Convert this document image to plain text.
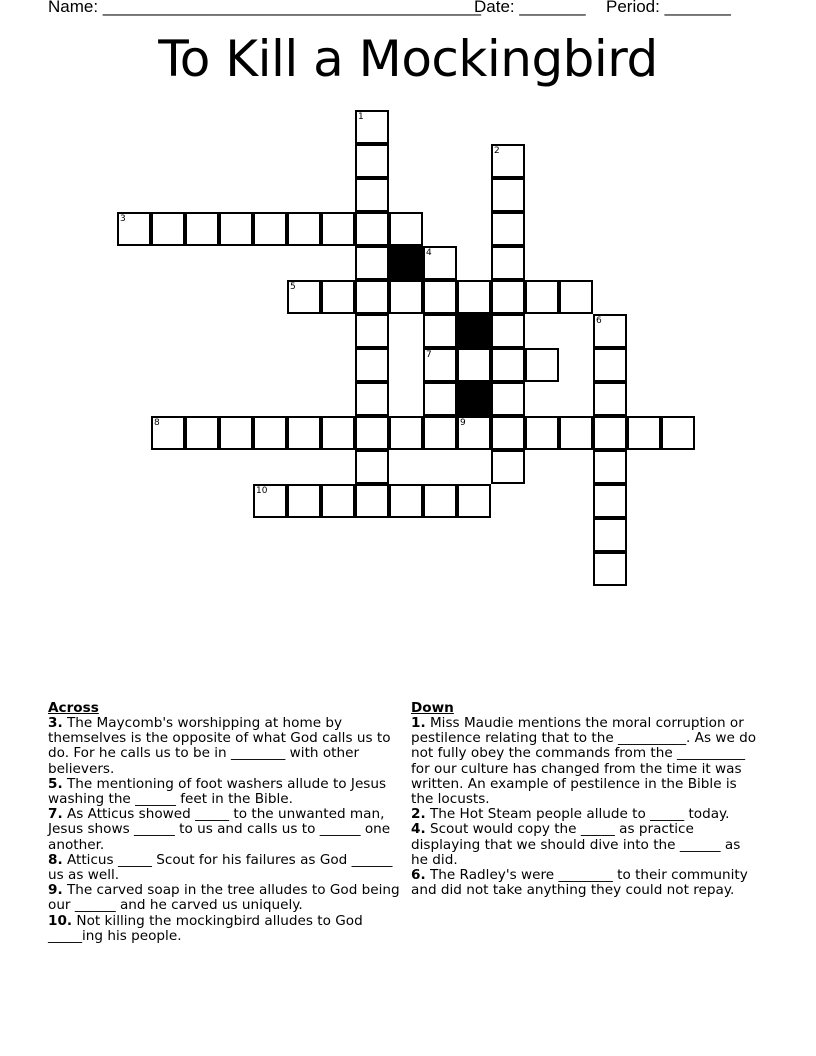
Name: ________________________________________
Date: _______ Period: _______
To Kill a Mockingbird
1
2
3
4
7
5
6
8	9
10
Across
3. The Maycomb's worshipping at home by themselves is the opposite of what God calls us to do. For he calls us to be in ________ with other believers.
5. The mentioning of foot washers allude to Jesus washing the ______ feet in the Bible.
7. As Atticus showed _____ to the unwanted man, Jesus shows ______ to us and calls us to ______ one another.
8. Atticus _____ Scout for his failures as God ______ us as well.
9. The carved soap in the tree alludes to God being our ______ and he carved us uniquely.
10. Not killing the mockingbird alludes to God _____ing his people.
Down
1. Miss Maudie mentions the moral corruption or pestilence relating that to the __________. As we do not fully obey the commands from the __________ for our culture has changed from the time it was written. An example of pestilence in the Bible is the locusts.
2. The Hot Steam people allude to _____ today.
4. Scout would copy the _____ as practice displaying that we should dive into the ______ as he did.
6. The Radley's were ________ to their community and did not take anything they could not repay.
